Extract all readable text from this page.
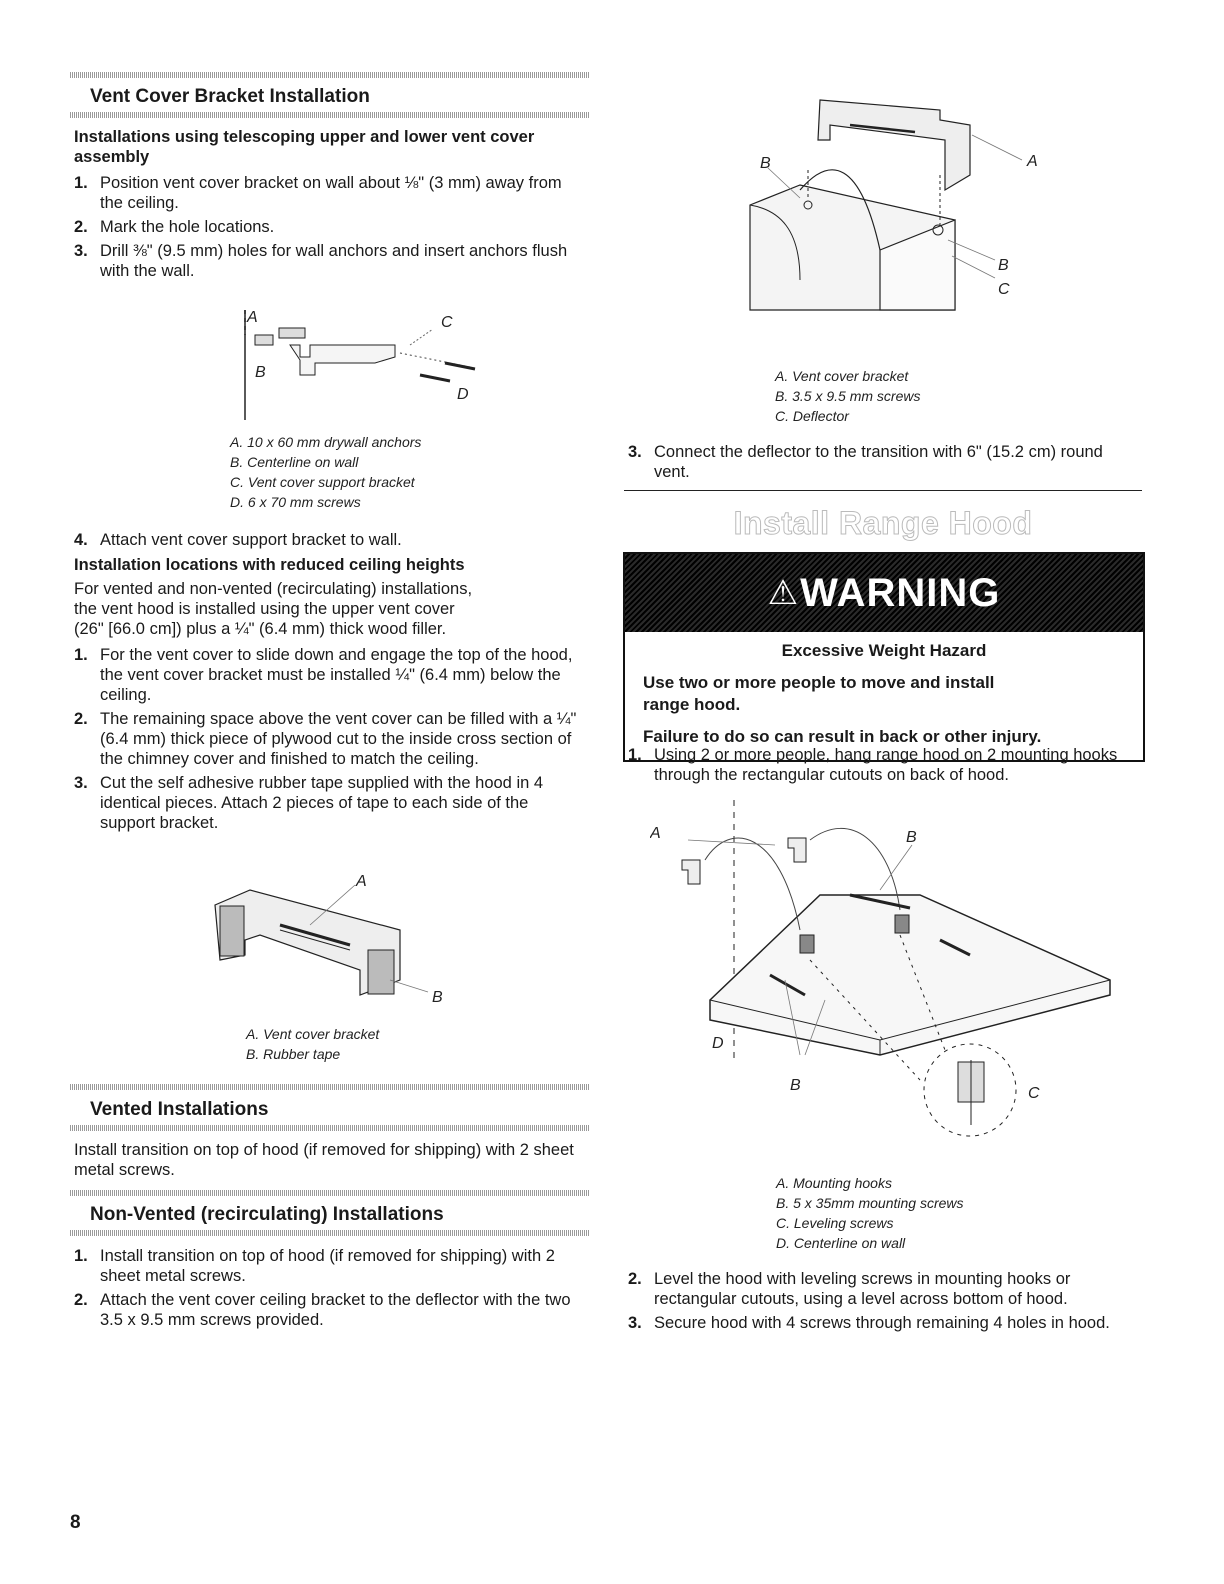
Vent Cover Bracket Installation
Installations using telescoping upper and lower vent cover assembly
1. Position vent cover bracket on wall about ⅛" (3 mm) away from the ceiling.
2. Mark the hole locations.
3. Drill ⅜" (9.5 mm) holes for wall anchors and insert anchors flush with the wall.
A	C
B
D
A. 10 x 60 mm drywall anchors
B. Centerline on wall
C. Vent cover support bracket
D. 6 x 70 mm screws
4. Attach vent cover support bracket to wall.
Installation locations with reduced ceiling heights
For vented and non-vented (recirculating) installations, the vent hood is installed using the upper vent cover (26" [66.0 cm]) plus a ¼" (6.4 mm) thick wood filler.
1. For the vent cover to slide down and engage the top of the hood, the vent cover bracket must be installed ¼" (6.4 mm) below the ceiling.
2. The remaining space above the vent cover can be filled with a ¼" (6.4 mm) thick piece of plywood cut to the inside cross section of the chimney cover and finished to match the ceiling.
3. Cut the self adhesive rubber tape supplied with the hood in 4 identical pieces. Attach 2 pieces of tape to each side of the support bracket.
A
B
A. Vent cover bracket
B. Rubber tape
Vented Installations
Install transition on top of hood (if removed for shipping) with 2 sheet metal screws.
Non-Vented (recirculating) Installations
1. Install transition on top of hood (if removed for shipping) with 2 sheet metal screws.
2. Attach the vent cover ceiling bracket to the deflector with the two 3.5 x 9.5 mm screws provided.
B	A
B
C
A. Vent cover bracket
B. 3.5 x 9.5 mm screws
C. Deflector
3. Connect the deflector to the transition with 6" (15.2 cm) round vent.
Install Range Hood
⚠ WARNING
Excessive Weight Hazard
Use two or more people to move and install range hood.
Failure to do so can result in back or other injury.
1. Using 2 or more people, hang range hood on 2 mounting hooks through the rectangular cutouts on back of hood.
A	B
D
B	C
A. Mounting hooks
B. 5 x 35mm mounting screws
C. Leveling screws
D. Centerline on wall
2. Level the hood with leveling screws in mounting hooks or rectangular cutouts, using a level across bottom of hood.
3. Secure hood with 4 screws through remaining 4 holes in hood.
8
